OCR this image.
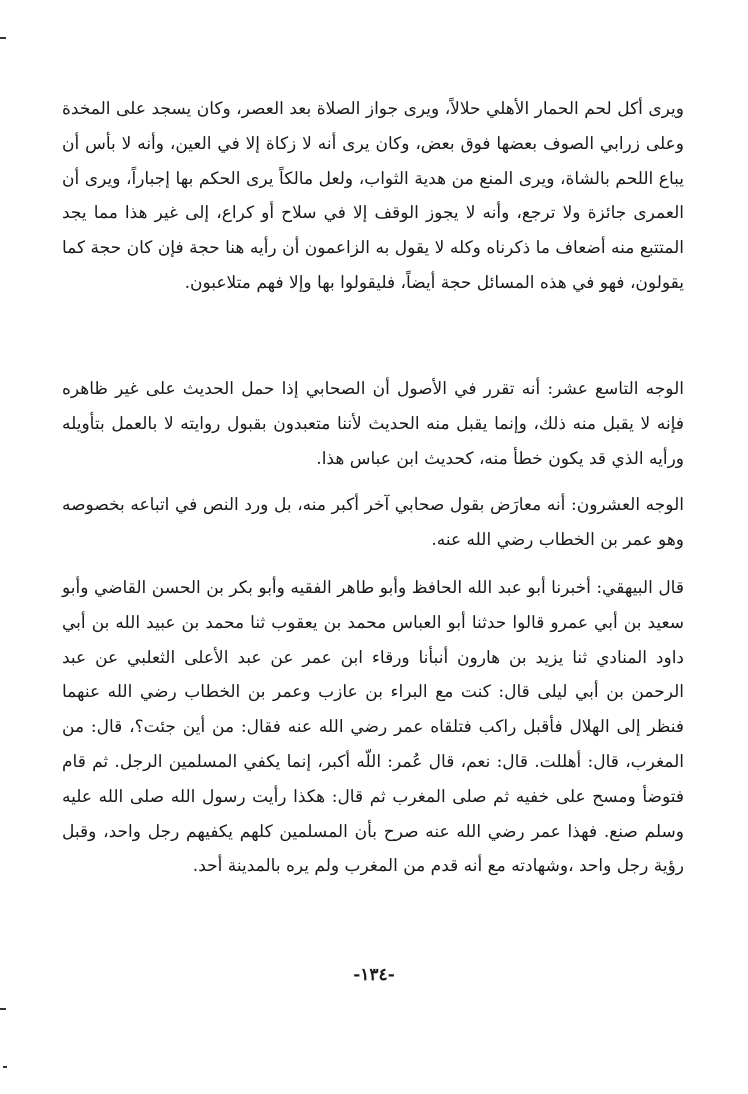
ويرى أكل لحم الحمار الأهلي حلالاً، ويرى جواز الصلاة بعد العصر، وكان يسجد على المخدة وعلى زرابي الصوف بعضها فوق بعض، وكان يرى أنه لا زكاة إلا في العين، وأنه لا بأس أن يباع اللحم بالشاة، ويرى المنع من هدية الثواب، ولعل مالكاً يرى الحكم بها إجباراً، ويرى أن العمرى جائزة ولا ترجع، وأنه لا يجوز الوقف إلا في سلاح أو كراع، إلى غير هذا مما يجد المتتبع منه أضعاف ما ذكرناه وكله لا يقول به الزاعمون أن رأيه هنا حجة فإن كان حجة كما يقولون، فهو في هذه المسائل حجة أيضاً، فليقولوا بها وإلا فهم متلاعبون.

الوجه التاسع عشر: أنه تقرر في الأصول أن الصحابي إذا حمل الحديث على غير ظاهره فإنه لا يقبل منه ذلك، وإنما يقبل منه الحديث لأننا متعبدون بقبول روايته لا بالعمل بتأويله ورأيه الذي قد يكون خطأ منه، كحديث ابن عباس هذا.

الوجه العشرون: أنه معارَض بقول صحابي آخر أكبر منه، بل ورد النص في اتباعه بخصوصه وهو عمر بن الخطاب رضي الله عنه.

قال البيهقي: أخبرنا أبو عبد الله الحافظ وأبو طاهر الفقيه وأبو بكر بن الحسن القاضي وأبو سعيد بن أبي عمرو قالوا حدثنا أبو العباس محمد بن يعقوب ثنا محمد بن عبيد الله بن أبي داود المنادي ثنا يزيد بن هارون أنبأنا ورقاء ابن عمر عن عبد الأعلى الثعلبي عن عبد الرحمن بن أبي ليلى قال: كنت مع البراء بن عازب وعمر بن الخطاب رضي الله عنهما فنظر إلى الهلال فأقبل راكب فتلقاه عمر رضي الله عنه فقال: من أين جئت؟، قال: من المغرب، قال: أهللت. قال: نعم، قال عُمر: اللّه أكبر، إنما يكفي المسلمين الرجل. ثم قام فتوضأ ومسح على خفيه ثم صلى المغرب ثم قال: هكذا رأيت رسول الله صلى الله عليه وسلم صنع. فهذا عمر رضي الله عنه صرح بأن المسلمين كلهم يكفيهم رجل واحد، وقبل رؤية رجل واحد ،وشهادته مع أنه قدم من المغرب ولم يره بالمدينة أحد.

-١٣٤-
